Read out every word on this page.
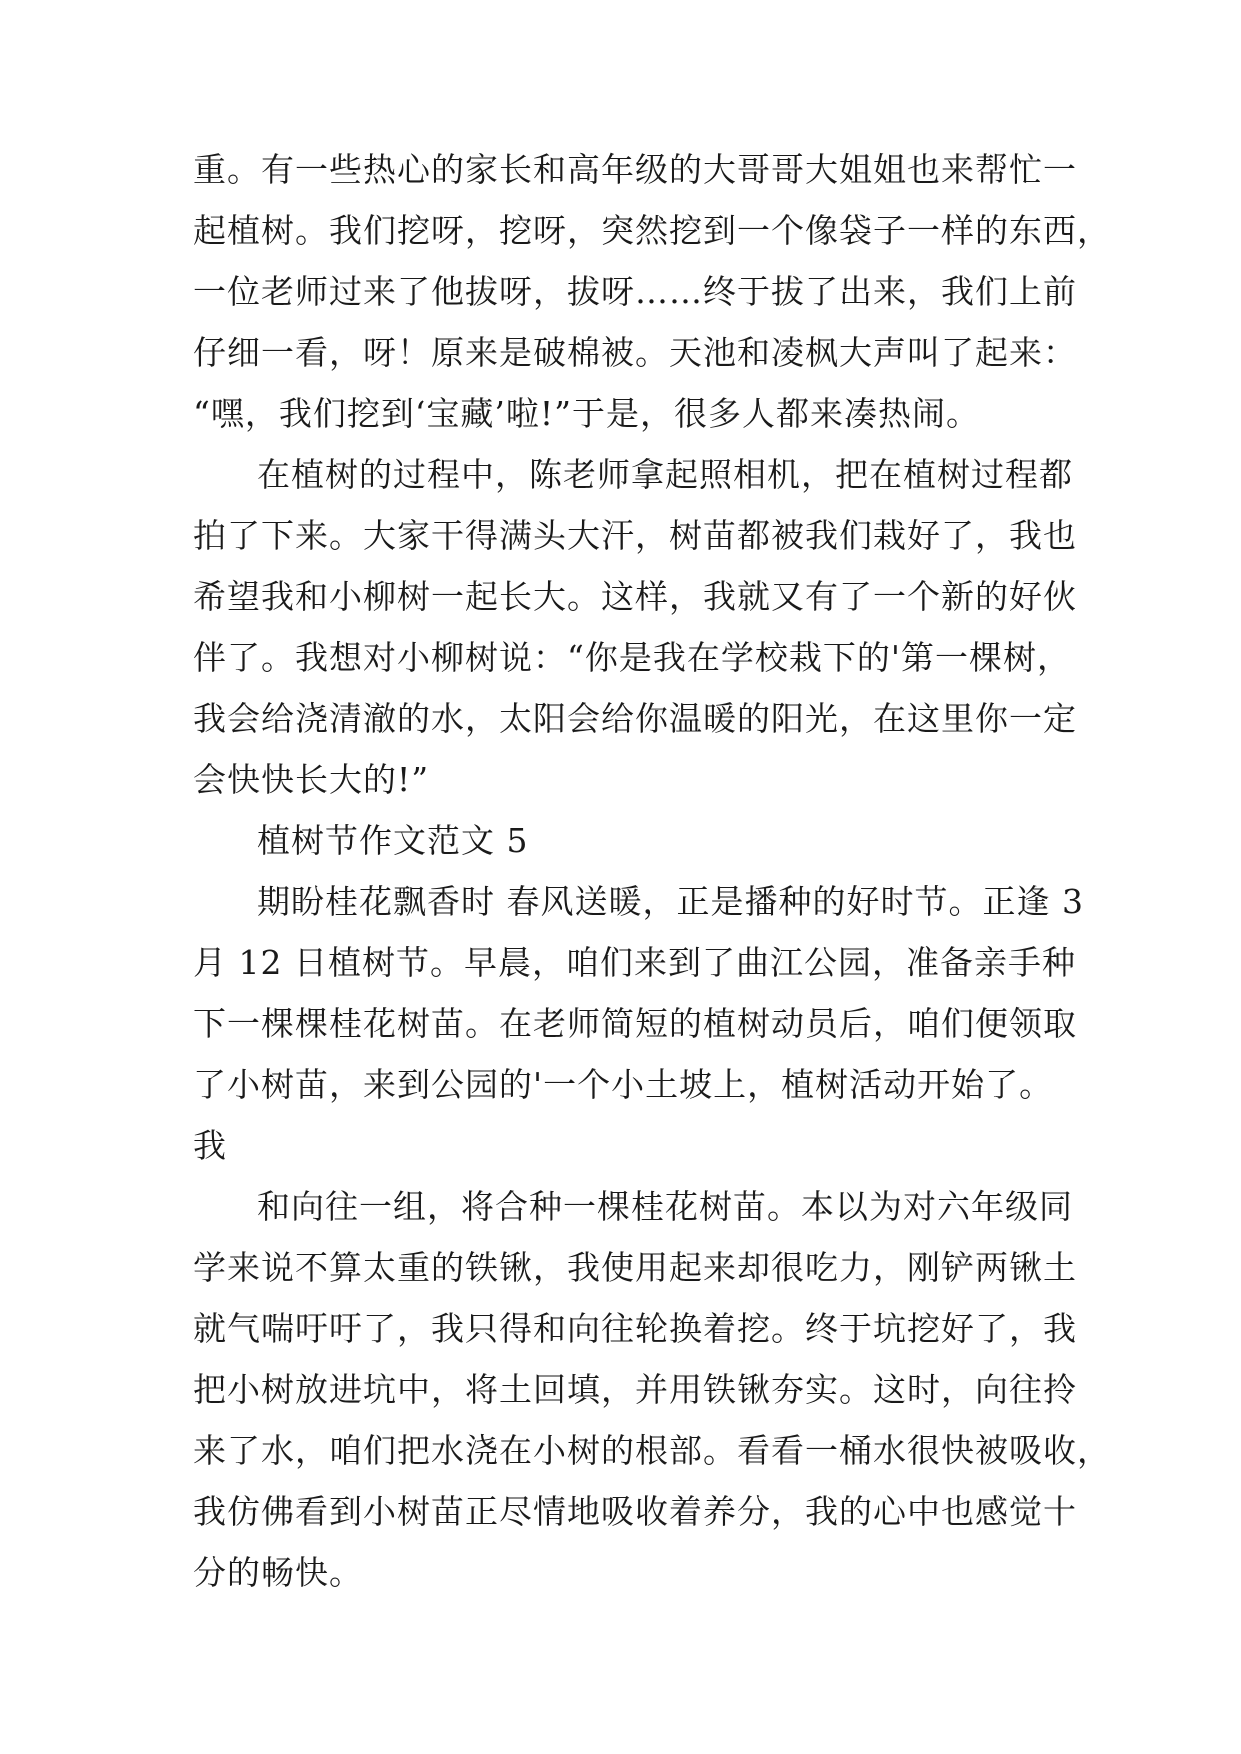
重。有一些热心的家长和高年级的大哥哥大姐姐也来帮忙一
起植树。我们挖呀，挖呀，突然挖到一个像袋子一样的东西，
一位老师过来了他拔呀，拔呀……终于拔了出来，我们上前
仔细一看，呀！原来是破棉被。天池和凌枫大声叫了起来：
“嘿，我们挖到‘宝藏’啦!”于是，很多人都来凑热闹。
在植树的过程中，陈老师拿起照相机，把在植树过程都
拍了下来。大家干得满头大汗，树苗都被我们栽好了，我也
希望我和小柳树一起长大。这样，我就又有了一个新的好伙
伴了。我想对小柳树说：“你是我在学校栽下的'第一棵树，
我会给浇清澈的水，太阳会给你温暖的阳光，在这里你一定
会快快长大的!”
植树节作文范文 5
期盼桂花飘香时 春风送暖，正是播种的好时节。正逢 3
月 12 日植树节。早晨，咱们来到了曲江公园，准备亲手种
下一棵棵桂花树苗。在老师简短的植树动员后，咱们便领取
了小树苗，来到公园的'一个小土坡上，植树活动开始了。
我
和向往一组，将合种一棵桂花树苗。本以为对六年级同
学来说不算太重的铁锹，我使用起来却很吃力，刚铲两锹土
就气喘吁吁了，我只得和向往轮换着挖。终于坑挖好了，我
把小树放进坑中，将土回填，并用铁锹夯实。这时，向往拎
来了水，咱们把水浇在小树的根部。看看一桶水很快被吸收，
我仿佛看到小树苗正尽情地吸收着养分，我的心中也感觉十
分的畅快。
